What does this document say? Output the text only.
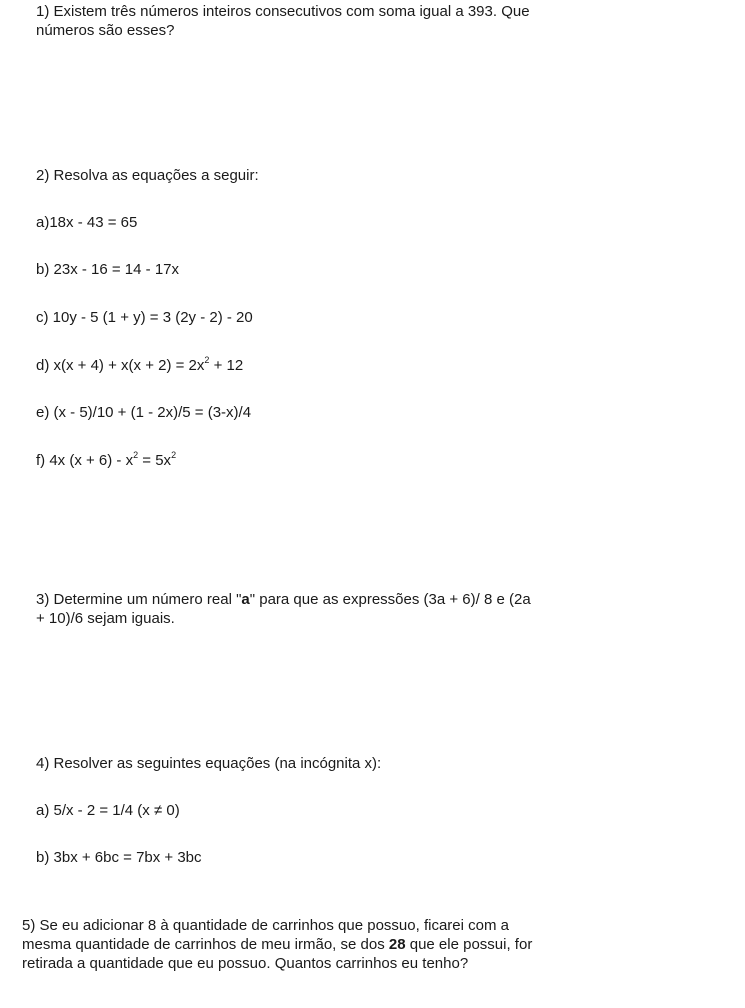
1) Existem três números inteiros consecutivos com soma igual a 393. Que

números são esses?

2) Resolva as equações a seguir:
a)18x - 43 = 65
b) 23x - 16 = 14 - 17x
c) 10y - 5 (1 + y) = 3 (2y - 2) - 20
d) $x(x + 4) + x(x + 2) = 2x^2 + 12$
e) (x - 5)/10 + (1 - 2x)/5 = (3-x)/4
f) 4x $(x + 6) - x^2 = 5x^2$

3) Determine um número real "a" para que as expressões (3a + 6)/ 8 e (2a

+ 10)/6 sejam iguais.

4) Resolver as seguintes equações (na incógnita x):
a) 5/x - 2 = 1/4 (x ≠ 0)
b) 3bx + 6bc = 7bx + 3bc

5) Se eu adicionar 8 à quantidade de carrinhos que possuo, ficarei com a

mesma quantidade de carrinhos de meu irmão, se dos 28 que ele possui, for

retirada a quantidade que eu possuo. Quantos carrinhos eu tenho?
